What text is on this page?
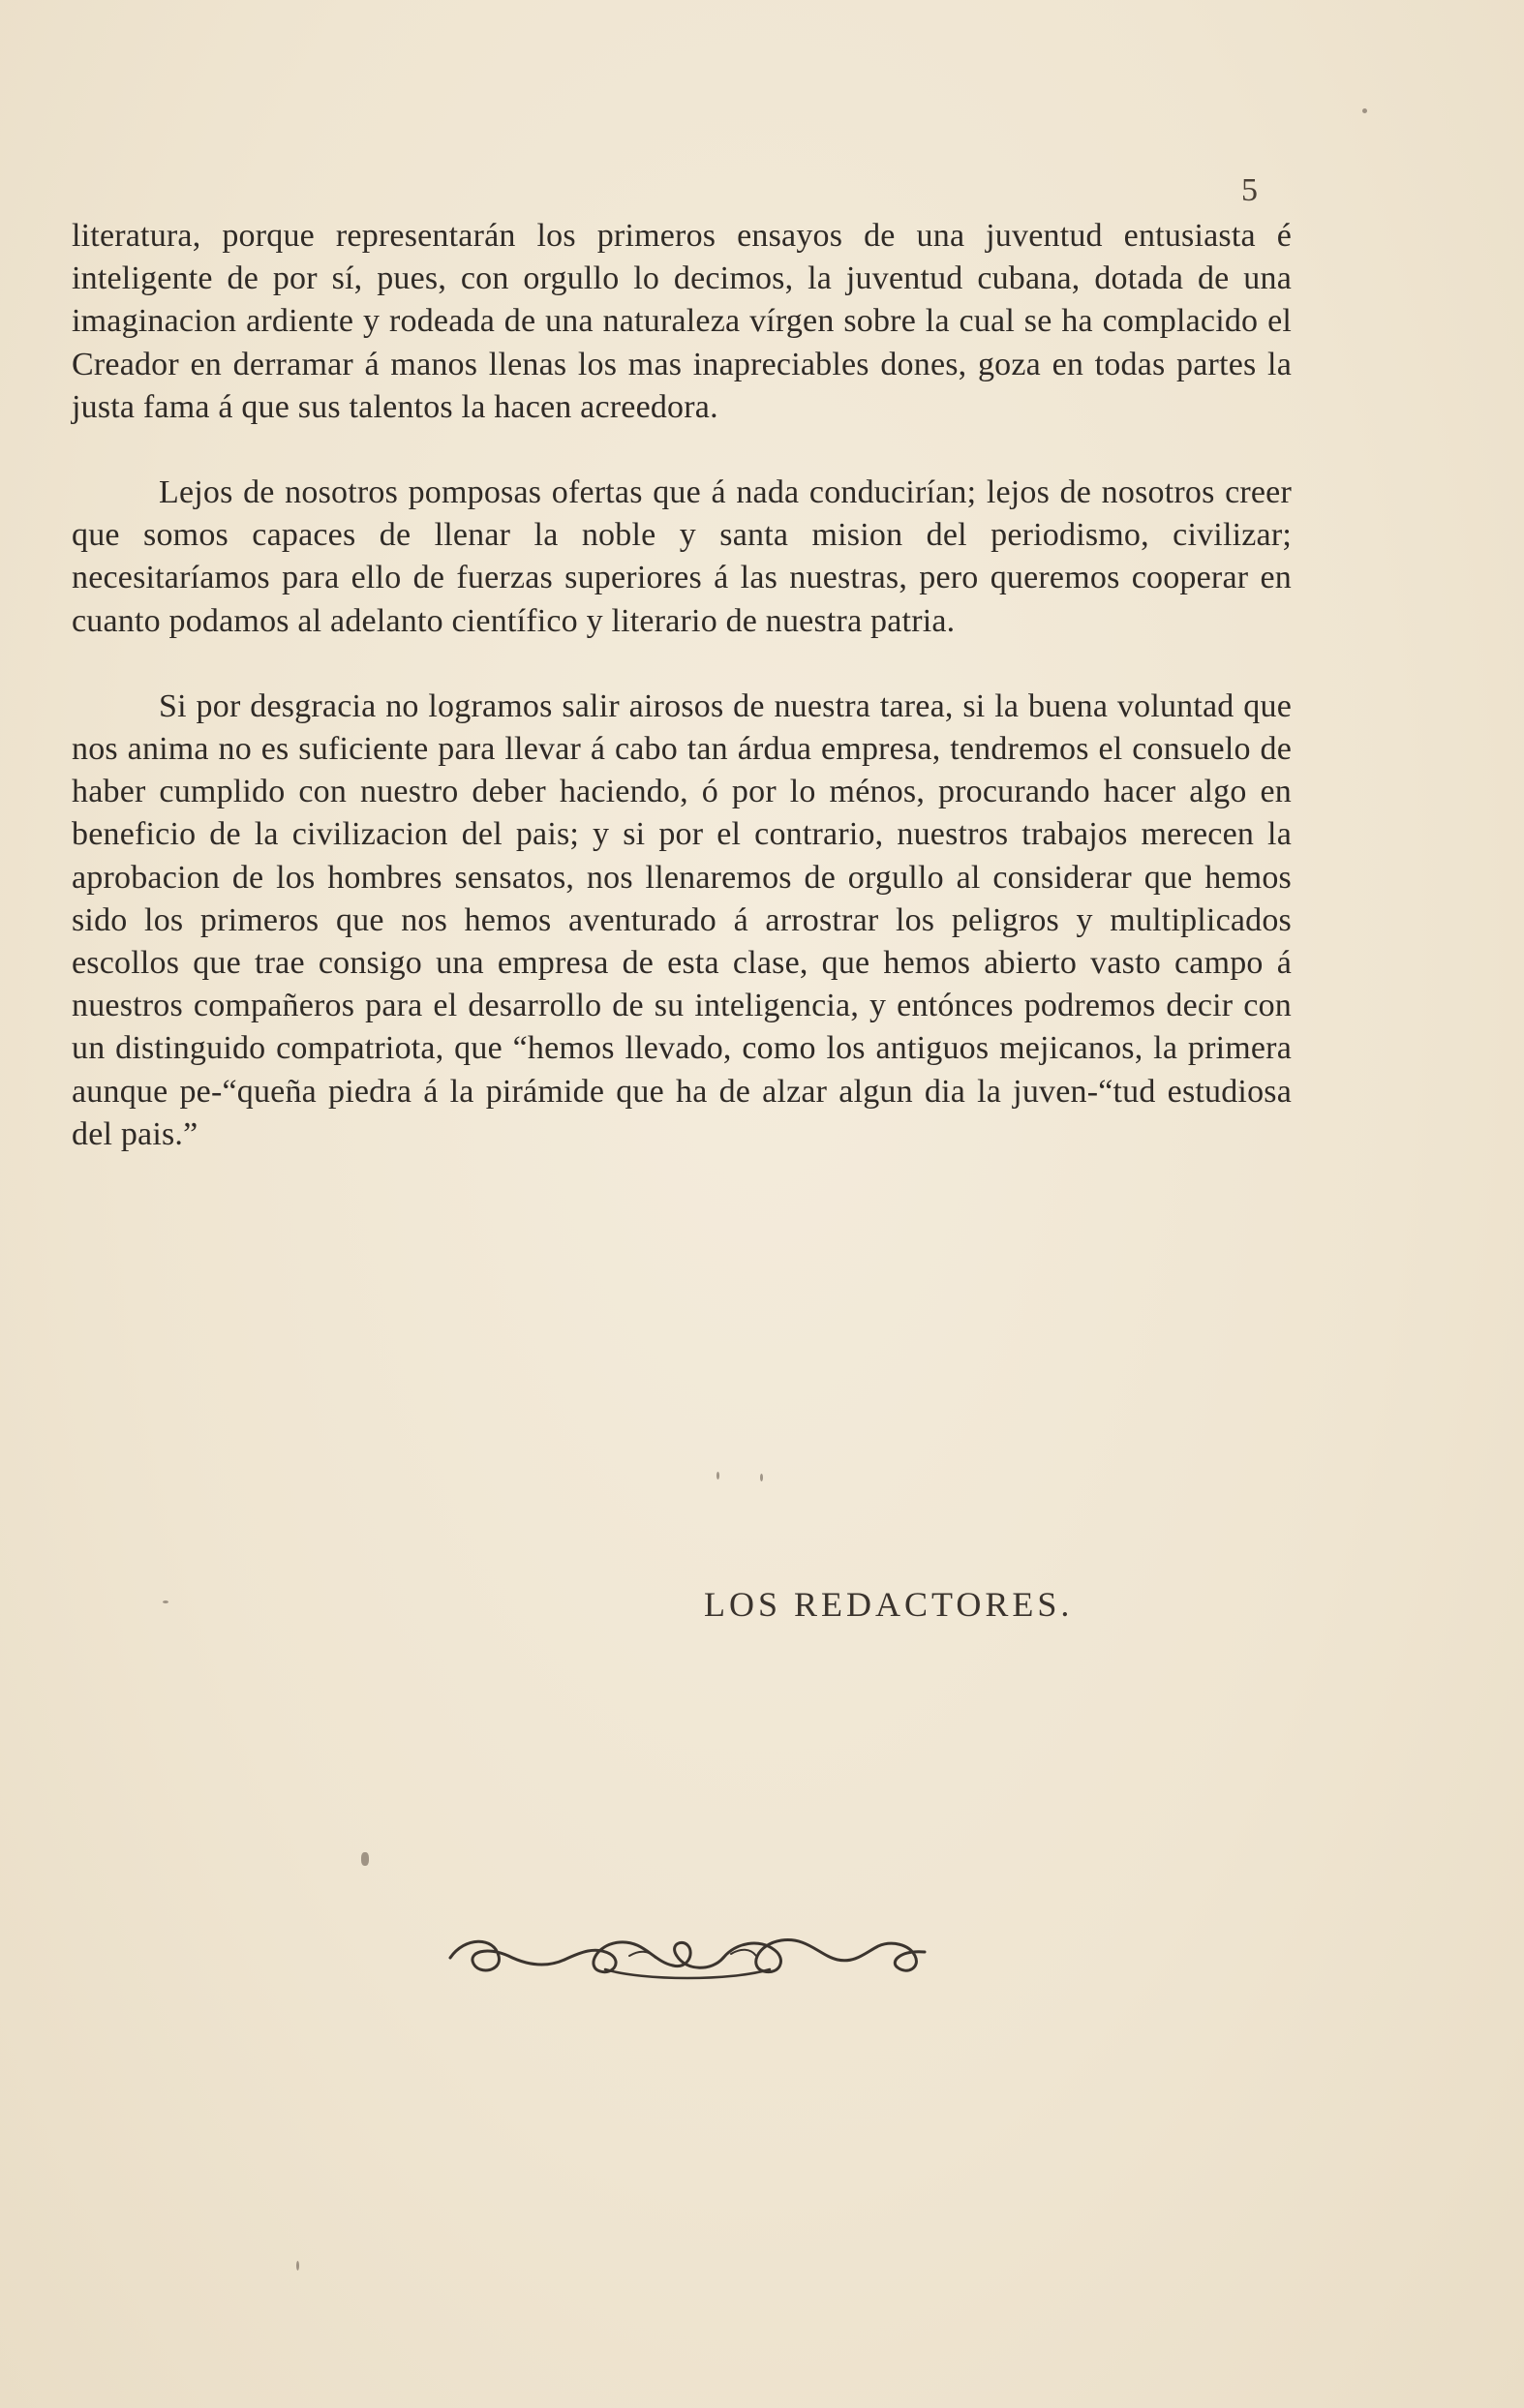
5

literatura, porque representarán los primeros ensayos de una juventud entusiasta é inteligente de por sí, pues, con orgullo lo decimos, la juventud cubana, dotada de una imaginacion ardiente y rodeada de una naturaleza vírgen sobre la cual se ha complacido el Creador en derramar á manos llenas los mas inapreciables dones, goza en todas partes la justa fama á que sus talentos la hacen acreedora.

Lejos de nosotros pomposas ofertas que á nada conducirían; lejos de nosotros creer que somos capaces de llenar la noble y santa mision del periodismo, civilizar; necesitaríamos para ello de fuerzas superiores á las nuestras, pero queremos cooperar en cuanto podamos al adelanto científico y literario de nuestra patria.

Si por desgracia no logramos salir airosos de nuestra tarea, si la buena voluntad que nos anima no es suficiente para llevar á cabo tan árdua empresa, tendremos el consuelo de haber cumplido con nuestro deber haciendo, ó por lo ménos, procurando hacer algo en beneficio de la civilizacion del pais; y si por el contrario, nuestros trabajos merecen la aprobacion de los hombres sensatos, nos llenaremos de orgullo al considerar que hemos sido los primeros que nos hemos aventurado á arrostrar los peligros y multiplicados escollos que trae consigo una empresa de esta clase, que hemos abierto vasto campo á nuestros compañeros para el desarrollo de su inteligencia, y entónces podremos decir con un distinguido compatriota, que “hemos llevado, como los antiguos mejicanos, la primera aunque pe-“queña piedra á la pirámide que ha de alzar algun dia la juven-“tud estudiosa del pais.”

LOS REDACTORES.
